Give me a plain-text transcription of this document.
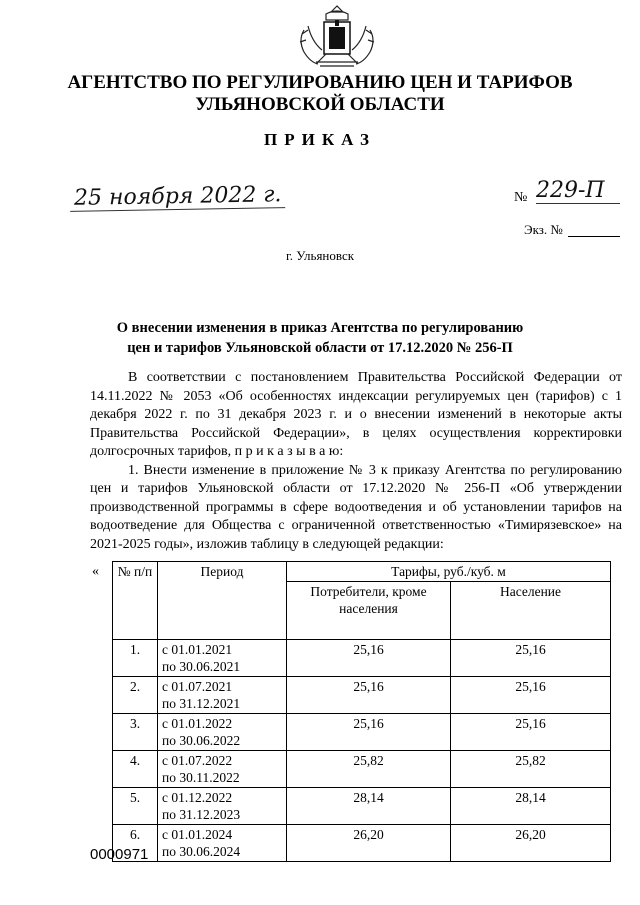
АГЕНТСТВО ПО РЕГУЛИРОВАНИЮ ЦЕН И ТАРИФОВ
УЛЬЯНОВСКОЙ ОБЛАСТИ
ПРИКАЗ
25 ноября 2022 г.	№ 229-П
Экз. №
г. Ульяновск
О внесении изменения в приказ Агентства по регулированию
цен и тарифов Ульяновской области от 17.12.2020 № 256-П

В соответствии с постановлением Правительства Российской Федерации от 14.11.2022 № 2053 «Об особенностях индексации регулируемых цен (тарифов) с 1 декабря 2022 г. по 31 декабря 2023 г. и о внесении изменений в некоторые акты Правительства Российской Федерации», в целях осуществления корректировки долгосрочных тарифов, п р и к а з ы в а ю:

1. Внести изменение в приложение № 3 к приказу Агентства по регулированию цен и тарифов Ульяновской области от 17.12.2020 № 256-П «Об утверждении производственной программы в сфере водоотведения и об установлении тарифов на водоотведение для Общества с ограниченной ответственностью «Тимирязевское» на 2021-2025 годы», изложив таблицу в следующей редакции:

« № п/п	Период	Тарифы, руб./куб. м	
		Потребители, кроме населения	Население
1.	с 01.01.2021
по 30.06.2021	25,16	25,16
2.	с 01.07.2021
по 31.12.2021	25,16	25,16
3.	с 01.01.2022
по 30.06.2022	25,16	25,16
4.	с 01.07.2022
по 30.11.2022	25,82	25,82
5.	с 01.12.2022
по 31.12.2023	28,14	28,14
6.	с 01.01.2024
по 30.06.2024	26,20	26,20
0000971
